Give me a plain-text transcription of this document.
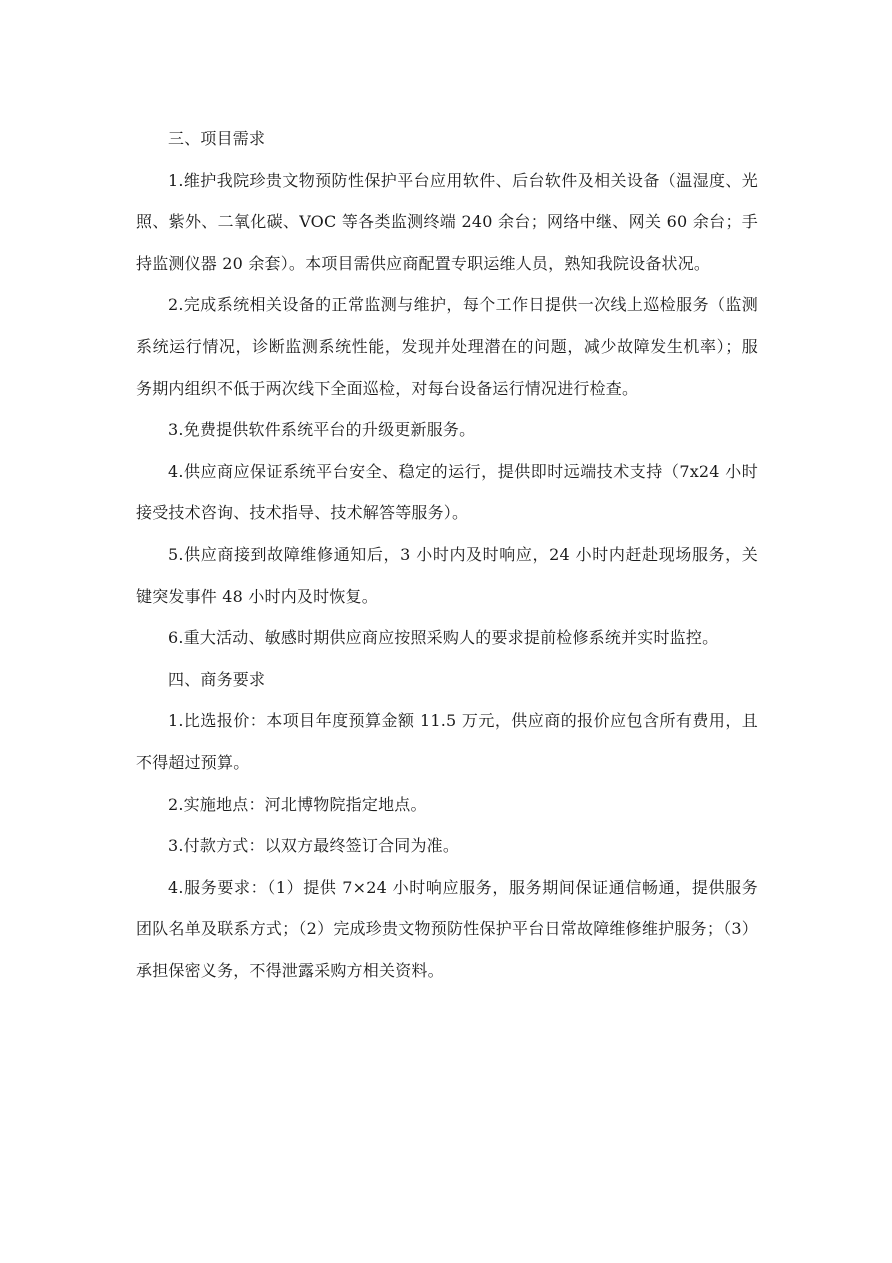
三、项目需求

1.维护我院珍贵文物预防性保护平台应用软件、后台软件及相关设备（温湿度、光照、紫外、二氧化碳、VOC 等各类监测终端 240 余台；网络中继、网关 60 余台；手持监测仪器 20 余套）。本项目需供应商配置专职运维人员，熟知我院设备状况。

2.完成系统相关设备的正常监测与维护，每个工作日提供一次线上巡检服务（监测系统运行情况，诊断监测系统性能，发现并处理潜在的问题，减少故障发生机率）；服务期内组织不低于两次线下全面巡检，对每台设备运行情况进行检查。

3.免费提供软件系统平台的升级更新服务。

4.供应商应保证系统平台安全、稳定的运行，提供即时远端技术支持（7x24 小时接受技术咨询、技术指导、技术解答等服务）。

5.供应商接到故障维修通知后，3 小时内及时响应，24 小时内赶赴现场服务，关键突发事件 48 小时内及时恢复。

6.重大活动、敏感时期供应商应按照采购人的要求提前检修系统并实时监控。

四、商务要求

1.比选报价：本项目年度预算金额 11.5 万元，供应商的报价应包含所有费用，且不得超过预算。

2.实施地点：河北博物院指定地点。

3.付款方式：以双方最终签订合同为准。

4.服务要求：（1）提供 7×24 小时响应服务，服务期间保证通信畅通，提供服务团队名单及联系方式；（2）完成珍贵文物预防性保护平台日常故障维修维护服务；（3）承担保密义务，不得泄露采购方相关资料。
